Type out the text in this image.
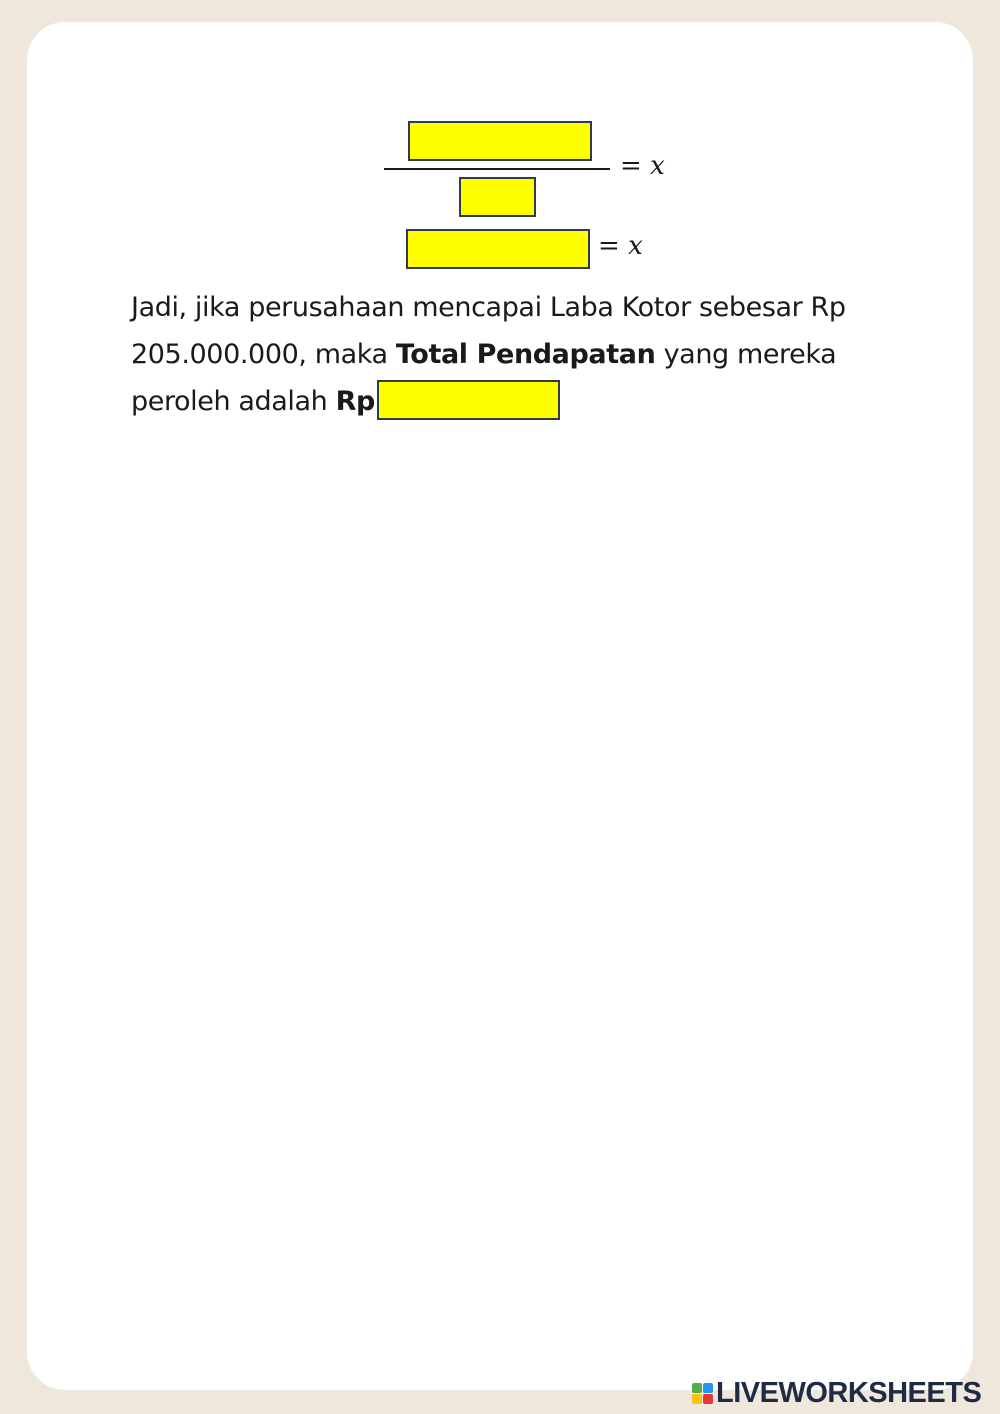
= x
= x
Jadi, jika perusahaan mencapai Laba Kotor sebesar Rp 205.000.000, maka Total Pendapatan yang mereka peroleh adalah Rp
LIVEWORKSHEETS
